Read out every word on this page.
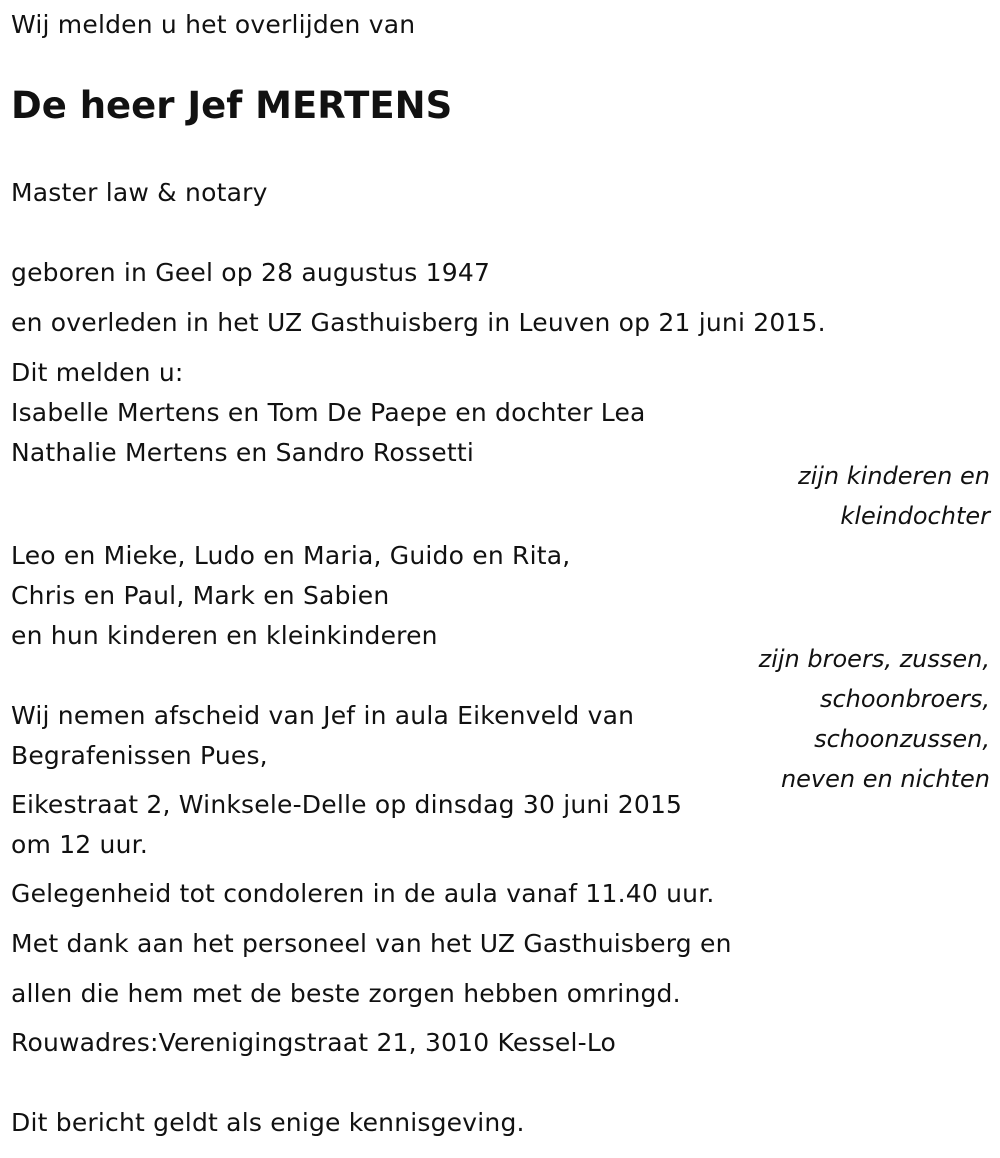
Wij melden u het overlijden van
De heer Jef MERTENS
Master law & notary
geboren in Geel op 28 augustus 1947
en overleden in het UZ Gasthuisberg in Leuven op 21 juni 2015.
Dit melden u:
Isabelle Mertens en Tom De Paepe en dochter Lea
Nathalie Mertens en Sandro Rossetti
zijn kinderen en
kleindochter
Leo en Mieke, Ludo en Maria, Guido en Rita,
Chris en Paul, Mark en Sabien
en hun kinderen en kleinkinderen
zijn broers, zussen,
schoonbroers,
schoonzussen,
neven en nichten
Wij nemen afscheid van Jef in aula Eikenveld van
Begrafenissen Pues,
Eikestraat 2, Winksele-Delle op dinsdag 30 juni 2015
om 12 uur.
Gelegenheid tot condoleren in de aula vanaf 11.40 uur.
Met dank aan het personeel van het UZ Gasthuisberg en
allen die hem met de beste zorgen hebben omringd.
Rouwadres:Verenigingstraat 21, 3010 Kessel-Lo
Dit bericht geldt als enige kennisgeving.
